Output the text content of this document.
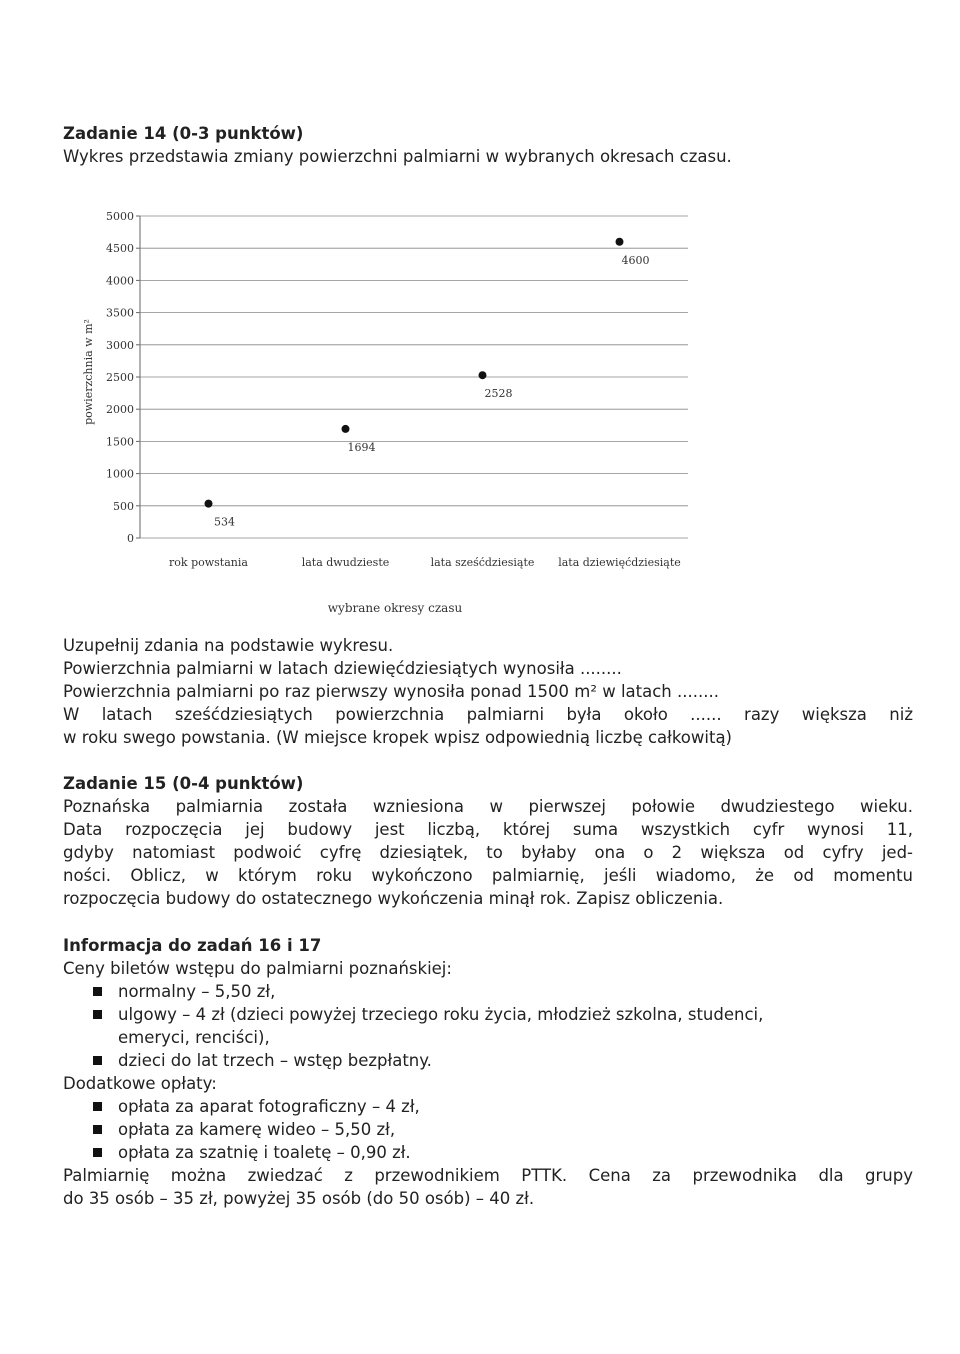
Zadanie 14 (0-3 punktów)
Wykres przedstawia zmiany powierzchni palmiarni w wybranych okresach czasu.
0
500
1000
1500
2000
2500
3000
3500
4000
4500
5000
rok powstania	lata dwudzieste	lata sześćdziesiąte lata dziewięćdziesiąte
534
1694
2528
4600
powierzchnia w m²
wybrane okresy czasu
Uzupełnij zdania na podstawie wykresu.
Powierzchnia palmiarni w latach dziewięćdziesiątych wynosiła ........
Powierzchnia palmiarni po raz pierwszy wynosiła ponad 1500 m² w latach ........
W latach sześćdziesiątych powierzchnia palmiarni była około ...... razy większa niż
w roku swego powstania. (W miejsce kropek wpisz odpowiednią liczbę całkowitą)
Zadanie 15 (0-4 punktów)
Poznańska palmiarnia została wzniesiona w pierwszej połowie dwudziestego wieku.
Data rozpoczęcia jej budowy jest liczbą, której suma wszystkich cyfr wynosi 11,
gdyby natomiast podwoić cyfrę dziesiątek, to byłaby ona o 2 większa od cyfry jed-
ności. Oblicz, w którym roku wykończono palmiarnię, jeśli wiadomo, że od momentu
rozpoczęcia budowy do ostatecznego wykończenia minął rok. Zapisz obliczenia.
Informacja do zadań 16 i 17
Ceny biletów wstępu do palmiarni poznańskiej:
normalny – 5,50 zł,
ulgowy – 4 zł (dzieci powyżej trzeciego roku życia, młodzież szkolna, studenci,
emeryci, renciści),
dzieci do lat trzech – wstęp bezpłatny.
Dodatkowe opłaty:
opłata za aparat fotograficzny – 4 zł,
opłata za kamerę wideo – 5,50 zł,
opłata za szatnię i toaletę – 0,90 zł.
Palmiarnię można zwiedzać z przewodnikiem PTTK. Cena za przewodnika dla grupy
do 35 osób – 35 zł, powyżej 35 osób (do 50 osób) – 40 zł.
